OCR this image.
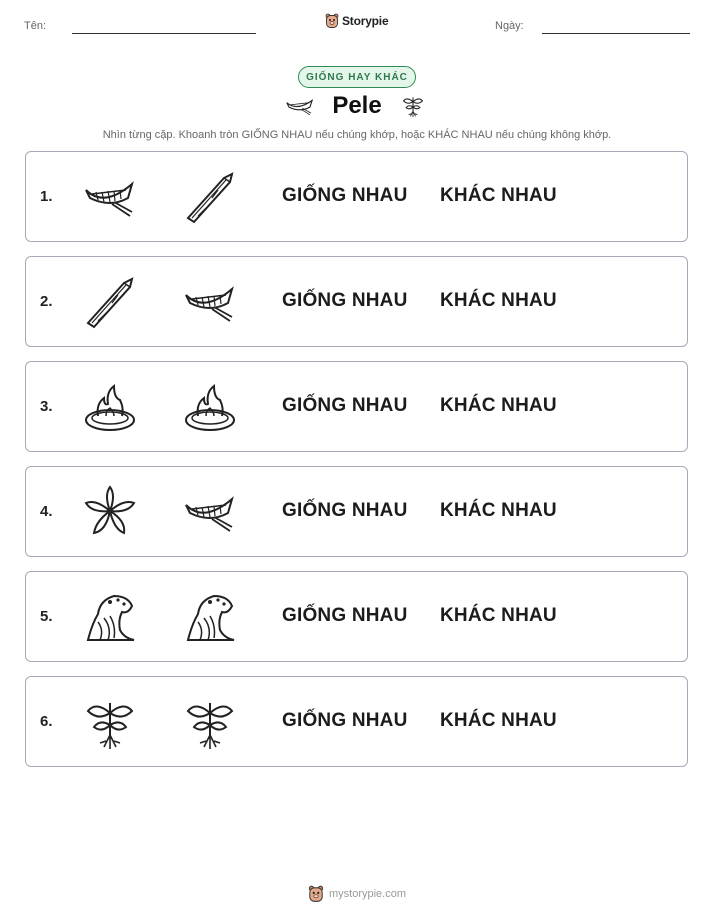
Tên:	Storypie	Ngày:
GIỐNG HAY KHÁC
Pele
Nhìn từng cặp. Khoanh tròn GIỐNG NHAU nếu chúng khớp, hoặc KHÁC NHAU nếu chúng không khớp.
1.	GIỐNG NHAU KHÁC NHAU
2.	GIỐNG NHAU KHÁC NHAU
3.	GIỐNG NHAU KHÁC NHAU
4.	GIỐNG NHAU KHÁC NHAU
5.	GIỐNG NHAU KHÁC NHAU
6.	GIỐNG NHAU KHÁC NHAU
mystorypie.com
